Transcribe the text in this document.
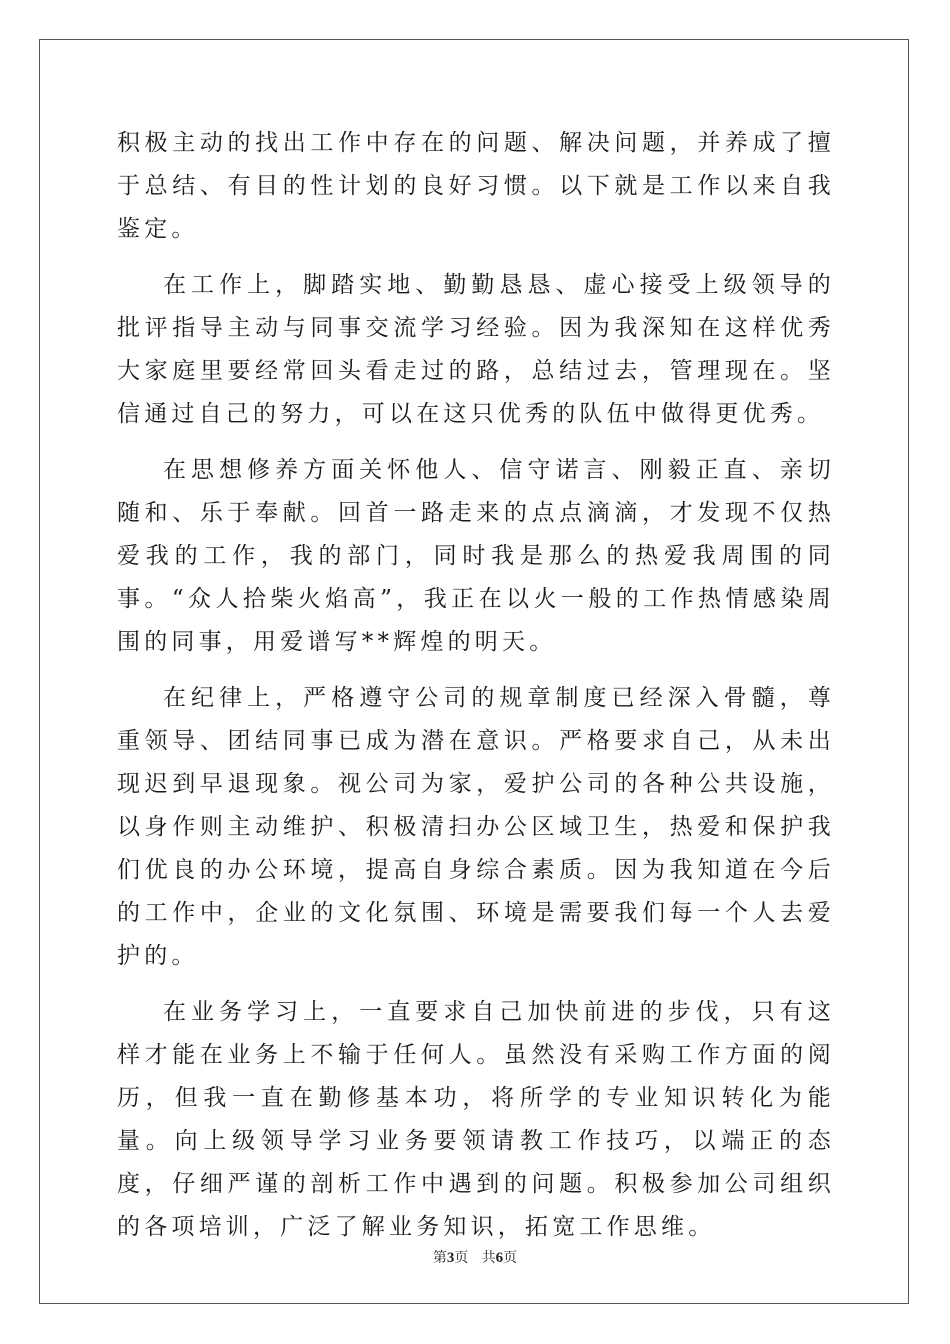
积极主动的找出工作中存在的问题、解决问题，并养成了擅于总结、有目的性计划的良好习惯。以下就是工作以来自我鉴定。

在工作上，脚踏实地、勤勤恳恳、虚心接受上级领导的批评指导主动与同事交流学习经验。因为我深知在这样优秀大家庭里要经常回头看走过的路，总结过去，管理现在。坚信通过自己的努力，可以在这只优秀的队伍中做得更优秀。

在思想修养方面关怀他人、信守诺言、刚毅正直、亲切随和、乐于奉献。回首一路走来的点点滴滴，才发现不仅热爱我的工作，我的部门，同时我是那么的热爱我周围的同事。“众人拾柴火焰高”，我正在以火一般的工作热情感染周围的同事，用爱谱写**辉煌的明天。

在纪律上，严格遵守公司的规章制度已经深入骨髓，尊重领导、团结同事已成为潜在意识。严格要求自己，从未出现迟到早退现象。视公司为家，爱护公司的各种公共设施，以身作则主动维护、积极清扫办公区域卫生，热爱和保护我们优良的办公环境，提高自身综合素质。因为我知道在今后的工作中，企业的文化氛围、环境是需要我们每一个人去爱护的。

在业务学习上，一直要求自己加快前进的步伐，只有这样才能在业务上不输于任何人。虽然没有采购工作方面的阅历，但我一直在勤修基本功，将所学的专业知识转化为能量。向上级领导学习业务要领请教工作技巧，以端正的态度，仔细严谨的剖析工作中遇到的问题。积极参加公司组织的各项培训，广泛了解业务知识，拓宽工作思维。

第3页 共6页
